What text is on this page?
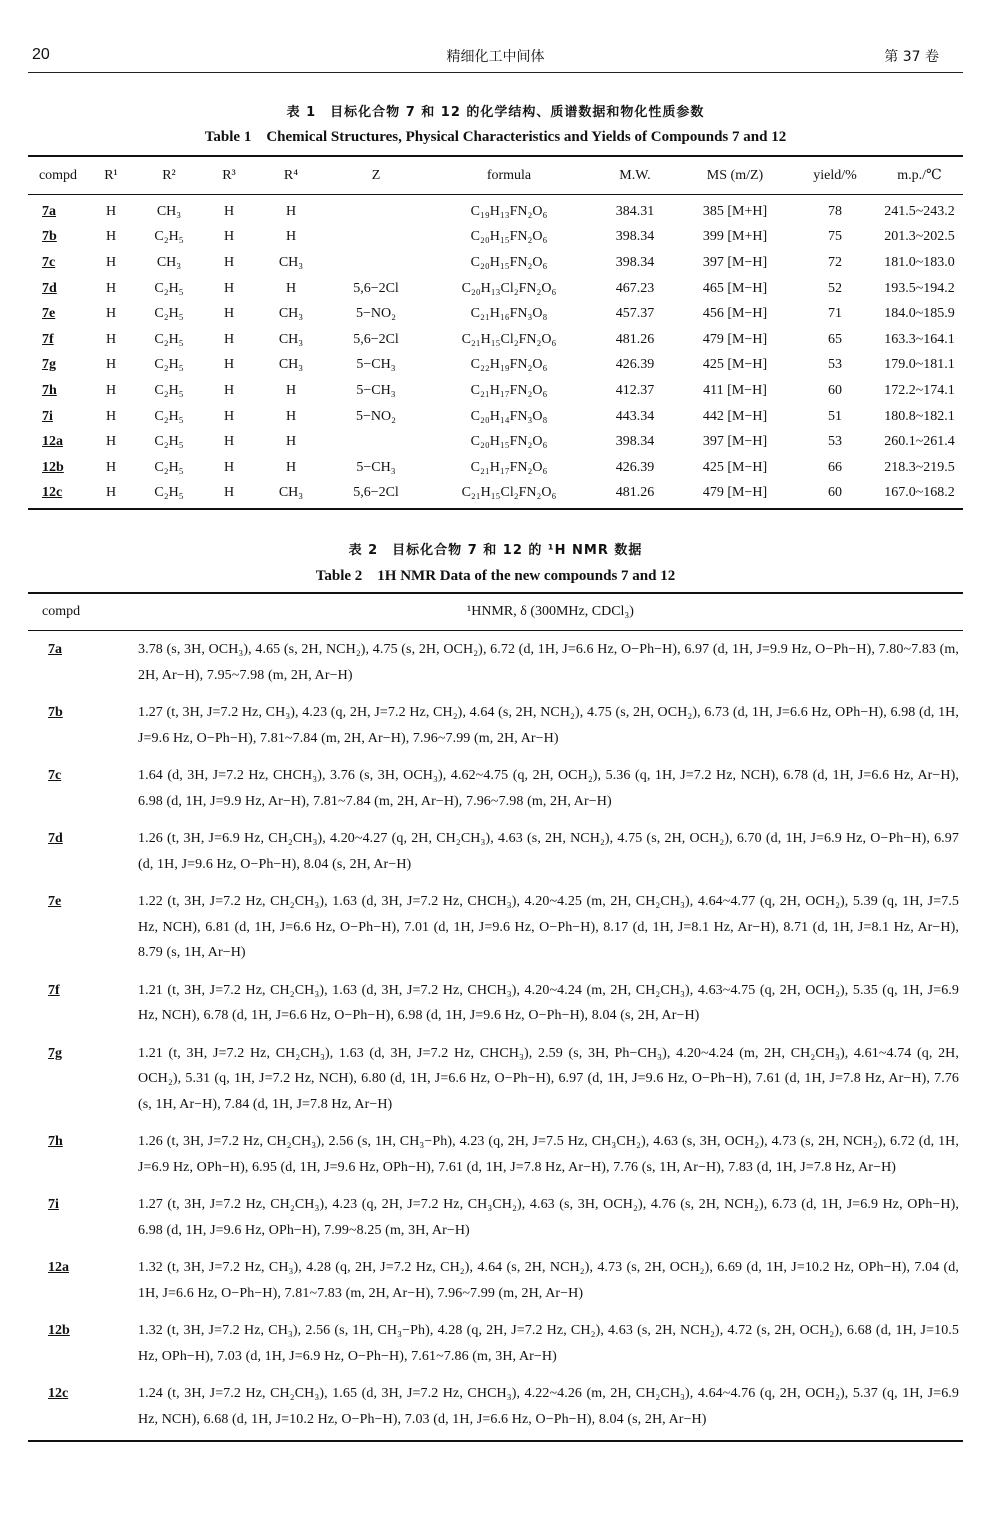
20	精细化工中间体	第 37 卷
表 1　目标化合物 7 和 12 的化学结构、质谱数据和物化性质参数
Table 1　Chemical Structures, Physical Characteristics and Yields of Compounds 7 and 12
compd	R¹	R²	R³	R⁴	Z	formula	M.W.	MS (m/Z)	yield/%	m.p./℃
7a	H	CH₃	H	H		C₁₉H₁₃FN₂O₆	384.31	385 [M+H]	78	241.5~243.2
7b	H	C₂H₅	H	H		C₂₀H₁₅FN₂O₆	398.34	399 [M+H]	75	201.3~202.5
7c	H	CH₃	H	CH₃		C₂₀H₁₅FN₂O₆	398.34	397 [M−H]	72	181.0~183.0
7d	H	C₂H₅	H	H	5,6−2Cl	C₂₀H₁₃Cl₂FN₂O₆	467.23	465 [M−H]	52	193.5~194.2
7e	H	C₂H₅	H	CH₃	5−NO₂	C₂₁H₁₆FN₃O₈	457.37	456 [M−H]	71	184.0~185.9
7f	H	C₂H₅	H	CH₃	5,6−2Cl	C₂₁H₁₅Cl₂FN₂O₆	481.26	479 [M−H]	65	163.3~164.1
7g	H	C₂H₅	H	CH₃	5−CH₃	C₂₂H₁₉FN₂O₆	426.39	425 [M−H]	53	179.0~181.1
7h	H	C₂H₅	H	H	5−CH₃	C₂₁H₁₇FN₂O₆	412.37	411 [M−H]	60	172.2~174.1
7i	H	C₂H₅	H	H	5−NO₂	C₂₀H₁₄FN₃O₈	443.34	442 [M−H]	51	180.8~182.1
12a	H	C₂H₅	H	H		C₂₀H₁₅FN₂O₆	398.34	397 [M−H]	53	260.1~261.4
12b	H	C₂H₅	H	H	5−CH₃	C₂₁H₁₇FN₂O₆	426.39	425 [M−H]	66	218.3~219.5
12c	H	C₂H₅	H	CH₃	5,6−2Cl	C₂₁H₁₅Cl₂FN₂O₆	481.26	479 [M−H]	60	167.0~168.2
表 2　目标化合物 7 和 12 的 ¹H NMR 数据
Table 2　1H NMR Data of the new compounds 7 and 12
compd	¹HNMR, δ (300MHz, CDCl₃)
7a	3.78 (s, 3H, OCH₃), 4.65 (s, 2H, NCH₂), 4.75 (s, 2H, OCH₂), 6.72 (d, 1H, J=6.6 Hz, O−Ph−H), 6.97 (d, 1H, J=9.9 Hz, O−Ph−H), 7.80~7.83 (m, 2H, Ar−H), 7.95~7.98 (m, 2H, Ar−H)
7b	1.27 (t, 3H, J=7.2 Hz, CH₃), 4.23 (q, 2H, J=7.2 Hz, CH₂), 4.64 (s, 2H, NCH₂), 4.75 (s, 2H, OCH₂), 6.73 (d, 1H, J=6.6 Hz, OPh−H), 6.98 (d, 1H, J=9.6 Hz, O−Ph−H), 7.81~7.84 (m, 2H, Ar−H), 7.96~7.99 (m, 2H, Ar−H)
7c	1.64 (d, 3H, J=7.2 Hz, CHCH₃), 3.76 (s, 3H, OCH₃), 4.62~4.75 (q, 2H, OCH₂), 5.36 (q, 1H, J=7.2 Hz, NCH), 6.78 (d, 1H, J=6.6 Hz, Ar−H), 6.98 (d, 1H, J=9.9 Hz, Ar−H), 7.81~7.84 (m, 2H, Ar−H), 7.96~7.98 (m, 2H, Ar−H)
7d	1.26 (t, 3H, J=6.9 Hz, CH₂CH₃), 4.20~4.27 (q, 2H, CH₂CH₃), 4.63 (s, 2H, NCH₂), 4.75 (s, 2H, OCH₂), 6.70 (d, 1H, J=6.9 Hz, O−Ph−H), 6.97 (d, 1H, J=9.6 Hz, O−Ph−H), 8.04 (s, 2H, Ar−H)
7e	1.22 (t, 3H, J=7.2 Hz, CH₂CH₃), 1.63 (d, 3H, J=7.2 Hz, CHCH₃), 4.20~4.25 (m, 2H, CH₂CH₃), 4.64~4.77 (q, 2H, OCH₂), 5.39 (q, 1H, J=7.5 Hz, NCH), 6.81 (d, 1H, J=6.6 Hz, O−Ph−H), 7.01 (d, 1H, J=9.6 Hz, O−Ph−H), 8.17 (d, 1H, J=8.1 Hz, Ar−H), 8.71 (d, 1H, J=8.1 Hz, Ar−H), 8.79 (s, 1H, Ar−H)
7f	1.21 (t, 3H, J=7.2 Hz, CH₂CH₃), 1.63 (d, 3H, J=7.2 Hz, CHCH₃), 4.20~4.24 (m, 2H, CH₂CH₃), 4.63~4.75 (q, 2H, OCH₂), 5.35 (q, 1H, J=6.9 Hz, NCH), 6.78 (d, 1H, J=6.6 Hz, O−Ph−H), 6.98 (d, 1H, J=9.6 Hz, O−Ph−H), 8.04 (s, 2H, Ar−H)
7g	1.21 (t, 3H, J=7.2 Hz, CH₂CH₃), 1.63 (d, 3H, J=7.2 Hz, CHCH₃), 2.59 (s, 3H, Ph−CH₃), 4.20~4.24 (m, 2H, CH₂CH₃), 4.61~4.74 (q, 2H, OCH₂), 5.31 (q, 1H, J=7.2 Hz, NCH), 6.80 (d, 1H, J=6.6 Hz, O−Ph−H), 6.97 (d, 1H, J=9.6 Hz, O−Ph−H), 7.61 (d, 1H, J=7.8 Hz, Ar−H), 7.76 (s, 1H, Ar−H), 7.84 (d, 1H, J=7.8 Hz, Ar−H)
7h	1.26 (t, 3H, J=7.2 Hz, CH₂CH₃), 2.56 (s, 1H, CH₃−Ph), 4.23 (q, 2H, J=7.5 Hz, CH₃CH₂), 4.63 (s, 3H, OCH₂), 4.73 (s, 2H, NCH₂), 6.72 (d, 1H, J=6.9 Hz, OPh−H), 6.95 (d, 1H, J=9.6 Hz, OPh−H), 7.61 (d, 1H, J=7.8 Hz, Ar−H), 7.76 (s, 1H, Ar−H), 7.83 (d, 1H, J=7.8 Hz, Ar−H)
7i	1.27 (t, 3H, J=7.2 Hz, CH₂CH₃), 4.23 (q, 2H, J=7.2 Hz, CH₃CH₂), 4.63 (s, 3H, OCH₂), 4.76 (s, 2H, NCH₂), 6.73 (d, 1H, J=6.9 Hz, OPh−H), 6.98 (d, 1H, J=9.6 Hz, OPh−H), 7.99~8.25 (m, 3H, Ar−H)
12a	1.32 (t, 3H, J=7.2 Hz, CH₃), 4.28 (q, 2H, J=7.2 Hz, CH₂), 4.64 (s, 2H, NCH₂), 4.73 (s, 2H, OCH₂), 6.69 (d, 1H, J=10.2 Hz, OPh−H), 7.04 (d, 1H, J=6.6 Hz, O−Ph−H), 7.81~7.83 (m, 2H, Ar−H), 7.96~7.99 (m, 2H, Ar−H)
12b	1.32 (t, 3H, J=7.2 Hz, CH₃), 2.56 (s, 1H, CH₃−Ph), 4.28 (q, 2H, J=7.2 Hz, CH₂), 4.63 (s, 2H, NCH₂), 4.72 (s, 2H, OCH₂), 6.68 (d, 1H, J=10.5 Hz, OPh−H), 7.03 (d, 1H, J=6.9 Hz, O−Ph−H), 7.61~7.86 (m, 3H, Ar−H)
12c	1.24 (t, 3H, J=7.2 Hz, CH₂CH₃), 1.65 (d, 3H, J=7.2 Hz, CHCH₃), 4.22~4.26 (m, 2H, CH₂CH₃), 4.64~4.76 (q, 2H, OCH₂), 5.37 (q, 1H, J=6.9 Hz, NCH), 6.68 (d, 1H, J=10.2 Hz, O−Ph−H), 7.03 (d, 1H, J=6.6 Hz, O−Ph−H), 8.04 (s, 2H, Ar−H)
